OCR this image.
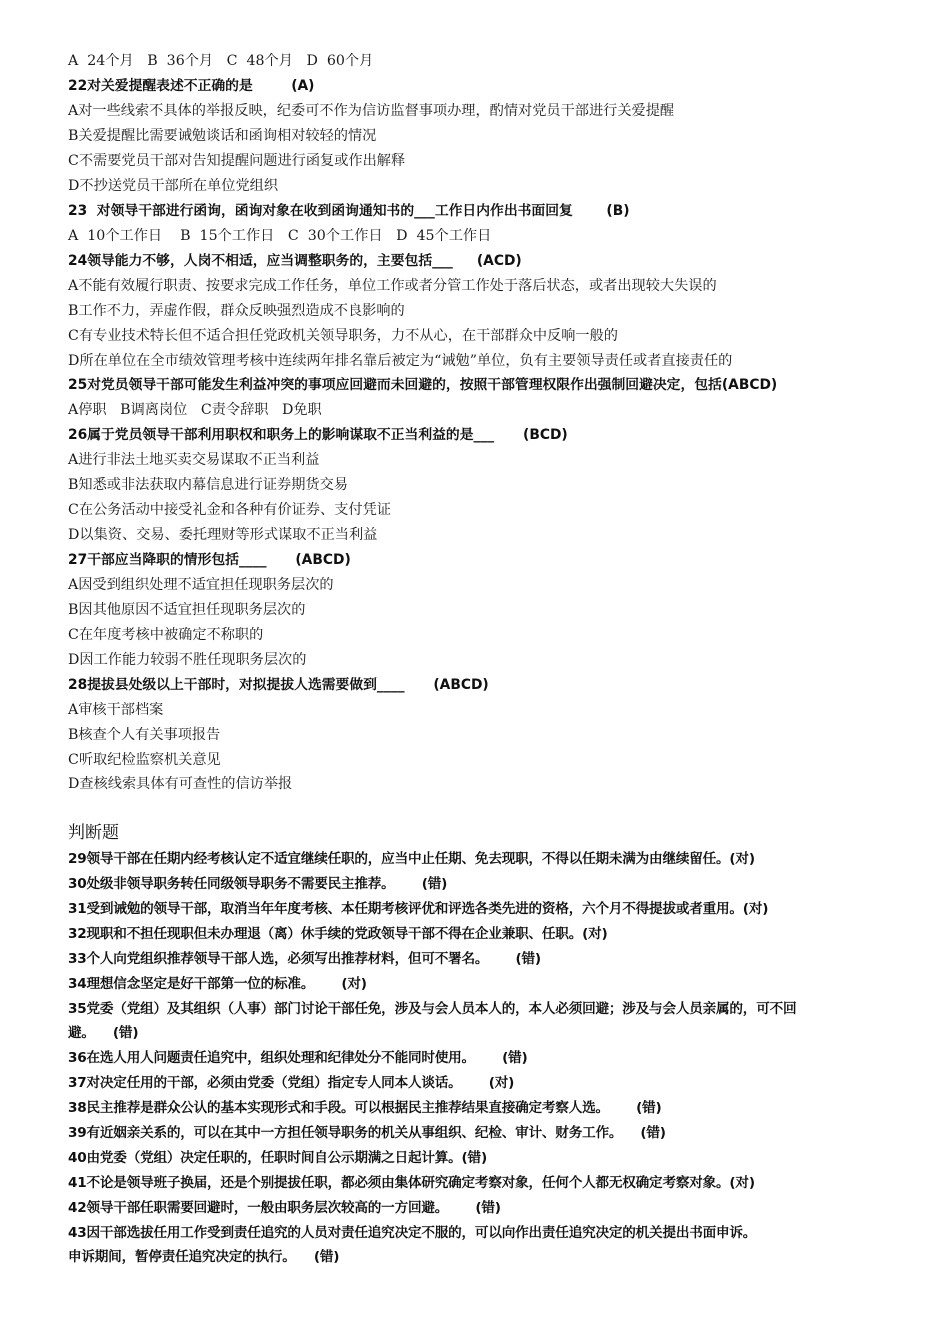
A  24个月   B  36个月   C  48个月   D  60个月
22对关爱提醒表述不正确的是        (A)
A对一些线索不具体的举报反映，纪委可不作为信访监督事项办理，酌情对党员干部进行关爱提醒
B关爱提醒比需要诫勉谈话和函询相对较轻的情况
C不需要党员干部对告知提醒问题进行函复或作出解释
D不抄送党员干部所在单位党组织
23  对领导干部进行函询，函询对象在收到函询通知书的___工作日内作出书面回复       (B)
A  10个工作日    B  15个工作日   C  30个工作日   D  45个工作日
24领导能力不够，人岗不相适，应当调整职务的，主要包括___     (ACD)
A不能有效履行职责、按要求完成工作任务，单位工作或者分管工作处于落后状态，或者出现较大失误的
B工作不力，弄虚作假，群众反映强烈造成不良影响的
C有专业技术特长但不适合担任党政机关领导职务，力不从心，在干部群众中反响一般的
D所在单位在全市绩效管理考核中连续两年排名靠后被定为“诫勉”单位，负有主要领导责任或者直接责任的
25对党员领导干部可能发生利益冲突的事项应回避而未回避的，按照干部管理权限作出强制回避决定，包括(ABCD)
A停职   B调离岗位   C责令辞职   D免职
26属于党员领导干部利用职权和职务上的影响谋取不正当利益的是___      (BCD)
A进行非法土地买卖交易谋取不正当利益
B知悉或非法获取内幕信息进行证券期货交易
C在公务活动中接受礼金和各种有价证券、支付凭证
D以集资、交易、委托理财等形式谋取不正当利益
27干部应当降职的情形包括____      (ABCD)
A因受到组织处理不适宜担任现职务层次的
B因其他原因不适宜担任现职务层次的
C在年度考核中被确定不称职的
D因工作能力较弱不胜任现职务层次的
28提拔县处级以上干部时，对拟提拔人选需要做到____      (ABCD)
A审核干部档案
B核查个人有关事项报告
C听取纪检监察机关意见
D查核线索具体有可查性的信访举报
判断题
29领导干部在任期内经考核认定不适宜继续任职的，应当中止任期、免去现职，不得以任期未满为由继续留任。(对)
30处级非领导职务转任同级领导职务不需要民主推荐。      (错)
31受到诫勉的领导干部，取消当年年度考核、本任期考核评优和评选各类先进的资格，六个月不得提拔或者重用。(对)
32现职和不担任现职但未办理退（离）休手续的党政领导干部不得在企业兼职、任职。(对)
33个人向党组织推荐领导干部人选，必须写出推荐材料，但可不署名。      (错)
34理想信念坚定是好干部第一位的标准。      (对)
35党委（党组）及其组织（人事）部门讨论干部任免，涉及与会人员本人的，本人必须回避；涉及与会人员亲属的，可不回
避。    (错)
36在选人用人问题责任追究中，组织处理和纪律处分不能同时使用。      (错)
37对决定任用的干部，必须由党委（党组）指定专人同本人谈话。      (对)
38民主推荐是群众公认的基本实现形式和手段。可以根据民主推荐结果直接确定考察人选。      (错)
39有近姻亲关系的，可以在其中一方担任领导职务的机关从事组织、纪检、审计、财务工作。    (错)
40由党委（党组）决定任职的，任职时间自公示期满之日起计算。(错)
41不论是领导班子换届，还是个别提拔任职，都必须由集体研究确定考察对象，任何个人都无权确定考察对象。(对)
42领导干部任职需要回避时，一般由职务层次较高的一方回避。      (错)
43因干部选拔任用工作受到责任追究的人员对责任追究决定不服的，可以向作出责任追究决定的机关提出书面申诉。
申诉期间，暂停责任追究决定的执行。    (错)
